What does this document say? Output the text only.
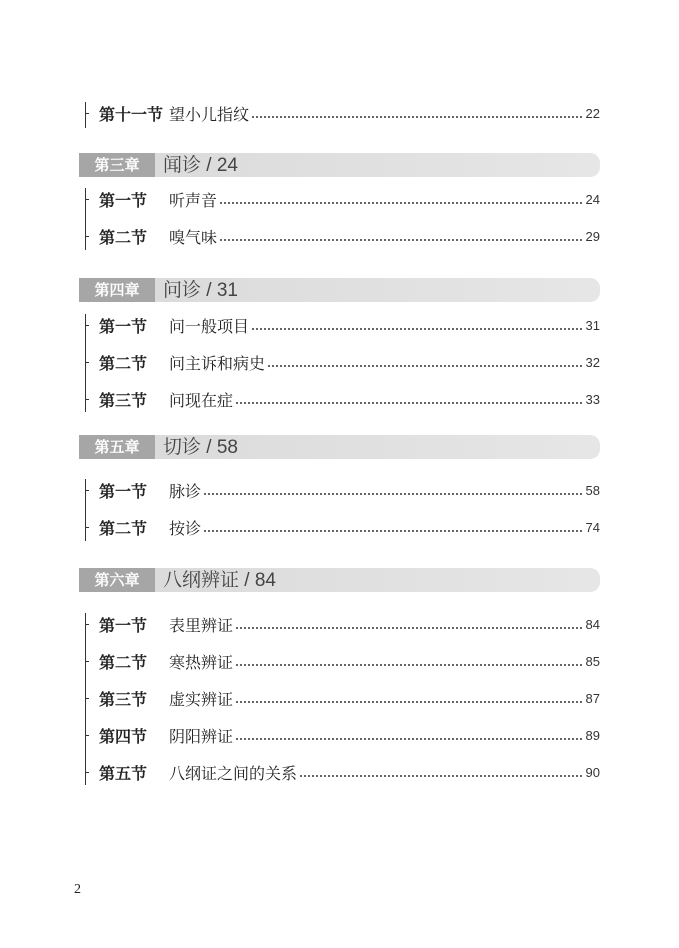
第十一节 望小儿指纹	22
第三章	闻诊 / 24
第一节	听声音	24
第二节	嗅气味	29
第四章	问诊 / 31
第一节	问一般项目	31
第二节	问主诉和病史	32
第三节	问现在症	33
第五章	切诊 / 58
第一节	脉诊	58
第二节	按诊	74
第六章	八纲辨证 / 84
第一节	表里辨证	84
第二节	寒热辨证	85
第三节	虚实辨证	87
第四节	阴阳辨证	89
第五节	八纲证之间的关系	90
2
